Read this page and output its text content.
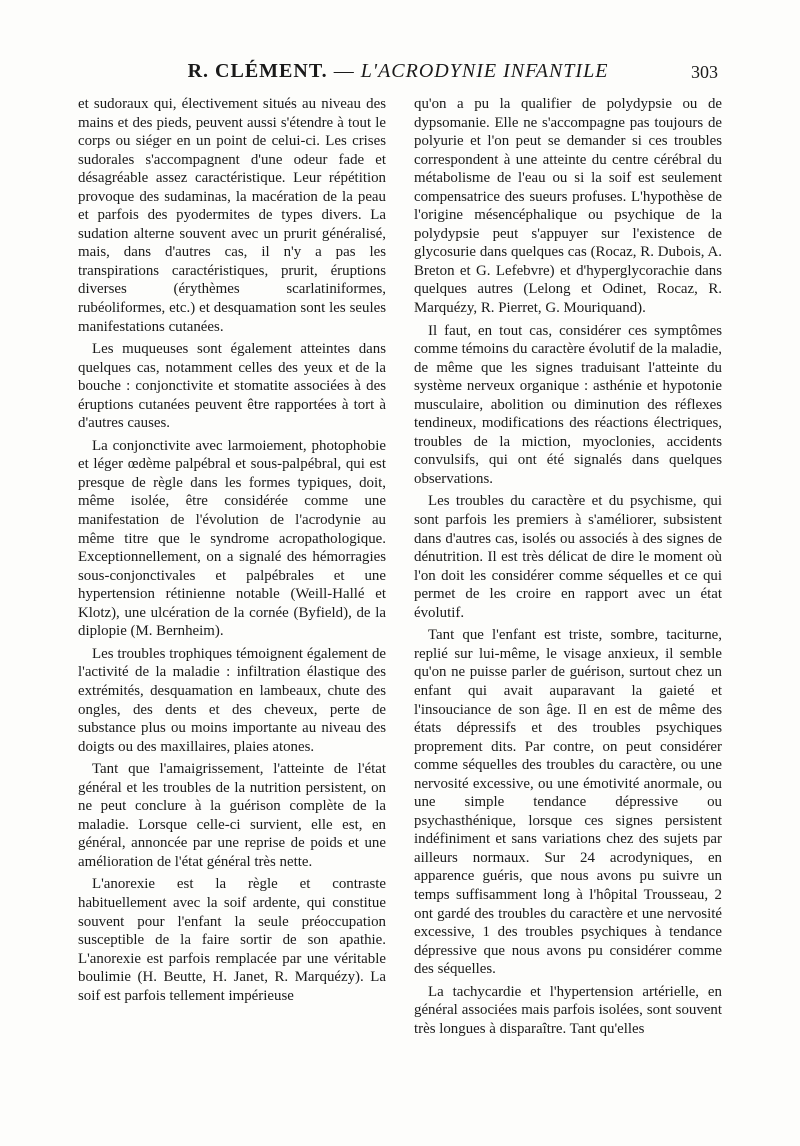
R. CLÉMENT. — L'ACRODYNIE INFANTILE	303

et sudoraux qui, électivement situés au niveau des mains et des pieds, peuvent aussi s'étendre à tout le corps ou siéger en un point de celui-ci. Les crises sudorales s'accompagnent d'une odeur fade et désagréable assez caractéristique. Leur répétition provoque des sudaminas, la macération de la peau et parfois des pyodermites de types divers. La sudation alterne souvent avec un prurit généralisé, mais, dans d'autres cas, il n'y a pas les transpirations caractéristiques, prurit, éruptions diverses (érythèmes scarlatiniformes, rubéoliformes, etc.) et desquamation sont les seules manifestations cutanées.

Les muqueuses sont également atteintes dans quelques cas, notamment celles des yeux et de la bouche : conjonctivite et stomatite associées à des éruptions cutanées peuvent être rapportées à tort à d'autres causes.

La conjonctivite avec larmoiement, photophobie et léger œdème palpébral et sous-palpébral, qui est presque de règle dans les formes typiques, doit, même isolée, être considérée comme une manifestation de l'évolution de l'acrodynie au même titre que le syndrome acropathologique. Exceptionnellement, on a signalé des hémorragies sous-conjonctivales et palpébrales et une hypertension rétinienne notable (Weill-Hallé et Klotz), une ulcération de la cornée (Byfield), de la diplopie (M. Bernheim).

Les troubles trophiques témoignent également de l'activité de la maladie : infiltration élastique des extrémités, desquamation en lambeaux, chute des ongles, des dents et des cheveux, perte de substance plus ou moins importante au niveau des doigts ou des maxillaires, plaies atones.

Tant que l'amaigrissement, l'atteinte de l'état général et les troubles de la nutrition persistent, on ne peut conclure à la guérison complète de la maladie. Lorsque celle-ci survient, elle est, en général, annoncée par une reprise de poids et une amélioration de l'état général très nette.

L'anorexie est la règle et contraste habituellement avec la soif ardente, qui constitue souvent pour l'enfant la seule préoccupation susceptible de la faire sortir de son apathie. L'anorexie est parfois remplacée par une véritable boulimie (H. Beutte, H. Janet, R. Marquézy). La soif est parfois tellement impérieuse

qu'on a pu la qualifier de polydypsie ou de dypsomanie. Elle ne s'accompagne pas toujours de polyurie et l'on peut se demander si ces troubles correspondent à une atteinte du centre cérébral du métabolisme de l'eau ou si la soif est seulement compensatrice des sueurs profuses. L'hypothèse de l'origine mésencéphalique ou psychique de la polydypsie peut s'appuyer sur l'existence de glycosurie dans quelques cas (Rocaz, R. Dubois, A. Breton et G. Lefebvre) et d'hyperglycorachie dans quelques autres (Lelong et Odinet, Rocaz, R. Marquézy, R. Pierret, G. Mouriquand).

Il faut, en tout cas, considérer ces symptômes comme témoins du caractère évolutif de la maladie, de même que les signes traduisant l'atteinte du système nerveux organique : asthénie et hypotonie musculaire, abolition ou diminution des réflexes tendineux, modifications des réactions électriques, troubles de la miction, myoclonies, accidents convulsifs, qui ont été signalés dans quelques observations.

Les troubles du caractère et du psychisme, qui sont parfois les premiers à s'améliorer, subsistent dans d'autres cas, isolés ou associés à des signes de dénutrition. Il est très délicat de dire le moment où l'on doit les considérer comme séquelles et ce qui permet de les croire en rapport avec un état évolutif.

Tant que l'enfant est triste, sombre, taciturne, replié sur lui-même, le visage anxieux, il semble qu'on ne puisse parler de guérison, surtout chez un enfant qui avait auparavant la gaieté et l'insouciance de son âge. Il en est de même des états dépressifs et des troubles psychiques proprement dits. Par contre, on peut considérer comme séquelles des troubles du caractère, ou une nervosité excessive, ou une émotivité anormale, ou une simple tendance dépressive ou psychasthénique, lorsque ces signes persistent indéfiniment et sans variations chez des sujets par ailleurs normaux. Sur 24 acrodyniques, en apparence guéris, que nous avons pu suivre un temps suffisamment long à l'hôpital Trousseau, 2 ont gardé des troubles du caractère et une nervosité excessive, 1 des troubles psychiques à tendance dépressive que nous avons pu considérer comme des séquelles.

La tachycardie et l'hypertension artérielle, en général associées mais parfois isolées, sont souvent très longues à disparaître. Tant qu'elles
